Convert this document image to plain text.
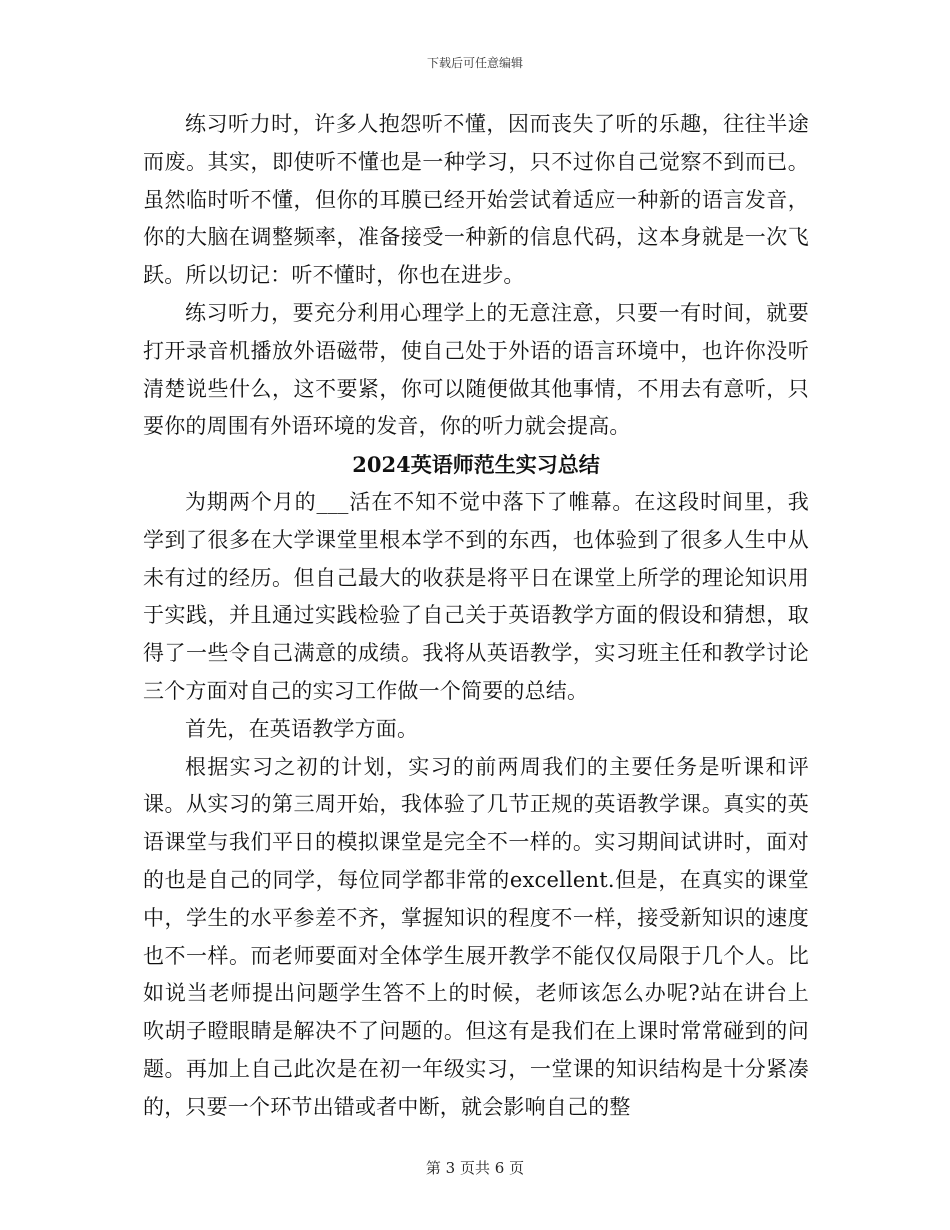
下载后可任意编辑

练习听力时，许多人抱怨听不懂，因而丧失了听的乐趣，往往半途而废。其实，即使听不懂也是一种学习，只不过你自己觉察不到而已。虽然临时听不懂，但你的耳膜已经开始尝试着适应一种新的语言发音，你的大脑在调整频率，准备接受一种新的信息代码，这本身就是一次飞跃。所以切记：听不懂时，你也在进步。

练习听力，要充分利用心理学上的无意注意，只要一有时间，就要打开录音机播放外语磁带，使自己处于外语的语言环境中，也许你没听清楚说些什么，这不要紧，你可以随便做其他事情，不用去有意听，只要你的周围有外语环境的发音，你的听力就会提高。

2024英语师范生实习总结

为期两个月的___活在不知不觉中落下了帷幕。在这段时间里，我学到了很多在大学课堂里根本学不到的东西，也体验到了很多人生中从未有过的经历。但自己最大的收获是将平日在课堂上所学的理论知识用于实践，并且通过实践检验了自己关于英语教学方面的假设和猜想，取得了一些令自己满意的成绩。我将从英语教学，实习班主任和教学讨论三个方面对自己的实习工作做一个简要的总结。

首先，在英语教学方面。

根据实习之初的计划，实习的前两周我们的主要任务是听课和评课。从实习的第三周开始，我体验了几节正规的英语教学课。真实的英语课堂与我们平日的模拟课堂是完全不一样的。实习期间试讲时，面对的也是自己的同学，每位同学都非常的excellent.但是，在真实的课堂中，学生的水平参差不齐，掌握知识的程度不一样，接受新知识的速度也不一样。而老师要面对全体学生展开教学不能仅仅局限于几个人。比如说当老师提出问题学生答不上的时候，老师该怎么办呢?站在讲台上吹胡子瞪眼睛是解决不了问题的。但这有是我们在上课时常常碰到的问题。再加上自己此次是在初一年级实习，一堂课的知识结构是十分紧凑的，只要一个环节出错或者中断，就会影响自己的整

第 3 页共 6 页
